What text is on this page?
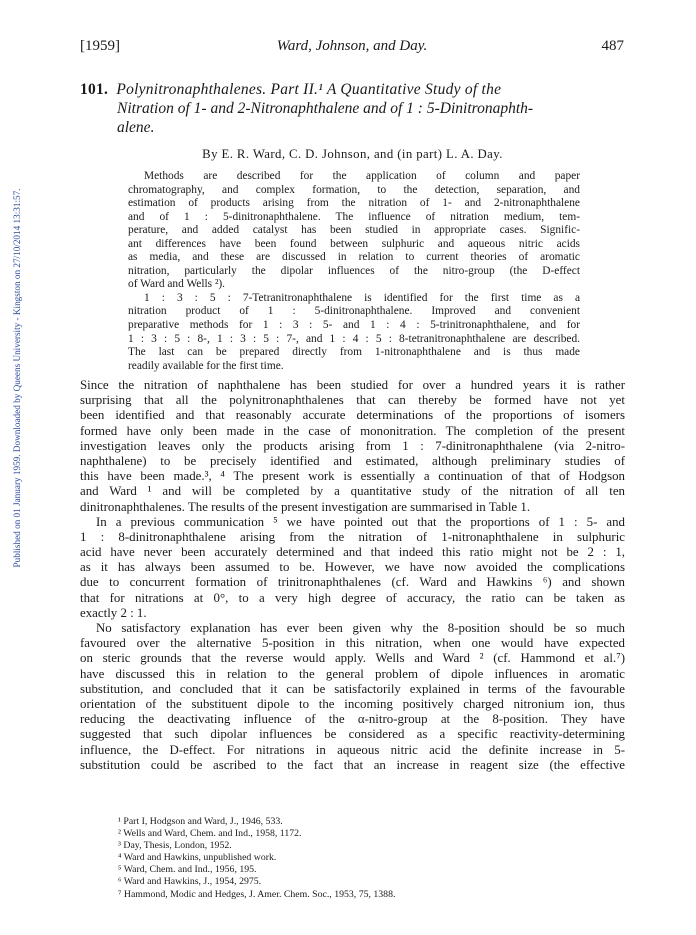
[1959]	Ward, Johnson, and Day.	487
Published on 01 January 1959. Downloaded by Queens University - Kingston on 27/10/2014 13:31:57.
101. Polynitronaphthalenes. Part II.¹ A Quantitative Study of the
Nitration of 1- and 2-Nitronaphthalene and of 1 : 5-Dinitronaphth-
alene.
By E. R. Ward, C. D. Johnson, and (in part) L. A. Day.
Methods are described for the application of column and paper
chromatography, and complex formation, to the detection, separation, and
estimation of products arising from the nitration of 1- and 2-nitronaphthalene
and of 1 : 5-dinitronaphthalene. The influence of nitration medium, tem-
perature, and added catalyst has been studied in appropriate cases. Signific-
ant differences have been found between sulphuric and aqueous nitric acids
as media, and these are discussed in relation to current theories of aromatic
nitration, particularly the dipolar influences of the nitro-group (the D-effect
of Ward and Wells ²).
1 : 3 : 5 : 7-Tetranitronaphthalene is identified for the first time as a
nitration product of 1 : 5-dinitronaphthalene. Improved and convenient
preparative methods for 1 : 3 : 5- and 1 : 4 : 5-trinitronaphthalene, and for
1 : 3 : 5 : 8-, 1 : 3 : 5 : 7-, and 1 : 4 : 5 : 8-tetranitronaphthalene are described.
The last can be prepared directly from 1-nitronaphthalene and is thus made
readily available for the first time.
Since the nitration of naphthalene has been studied for over a hundred years it is rather
surprising that all the polynitronaphthalenes that can thereby be formed have not yet
been identified and that reasonably accurate determinations of the proportions of isomers
formed have only been made in the case of mononitration. The completion of the present
investigation leaves only the products arising from 1 : 7-dinitronaphthalene (via 2-nitro-
naphthalene) to be precisely identified and estimated, although preliminary studies of
this have been made.³, ⁴ The present work is essentially a continuation of that of Hodgson
and Ward ¹ and will be completed by a quantitative study of the nitration of all ten
dinitronaphthalenes. The results of the present investigation are summarised in Table 1.
In a previous communication ⁵ we have pointed out that the proportions of 1 : 5- and
1 : 8-dinitronaphthalene arising from the nitration of 1-nitronaphthalene in sulphuric
acid have never been accurately determined and that indeed this ratio might not be 2 : 1,
as it has always been assumed to be. However, we have now avoided the complications
due to concurrent formation of trinitronaphthalenes (cf. Ward and Hawkins ⁶) and shown
that for nitrations at 0°, to a very high degree of accuracy, the ratio can be taken as
exactly 2 : 1.
No satisfactory explanation has ever been given why the 8-position should be so much
favoured over the alternative 5-position in this nitration, when one would have expected
on steric grounds that the reverse would apply. Wells and Ward ² (cf. Hammond et al.⁷)
have discussed this in relation to the general problem of dipole influences in aromatic
substitution, and concluded that it can be satisfactorily explained in terms of the favourable
orientation of the substituent dipole to the incoming positively charged nitronium ion, thus
reducing the deactivating influence of the α-nitro-group at the 8-position. They have
suggested that such dipolar influences be considered as a specific reactivity-determining
influence, the D-effect. For nitrations in aqueous nitric acid the definite increase in 5-
substitution could be ascribed to the fact that an increase in reagent size (the effective
¹ Part I, Hodgson and Ward, J., 1946, 533.
² Wells and Ward, Chem. and Ind., 1958, 1172.
³ Day, Thesis, London, 1952.
⁴ Ward and Hawkins, unpublished work.
⁵ Ward, Chem. and Ind., 1956, 195.
⁶ Ward and Hawkins, J., 1954, 2975.
⁷ Hammond, Modic and Hedges, J. Amer. Chem. Soc., 1953, 75, 1388.
